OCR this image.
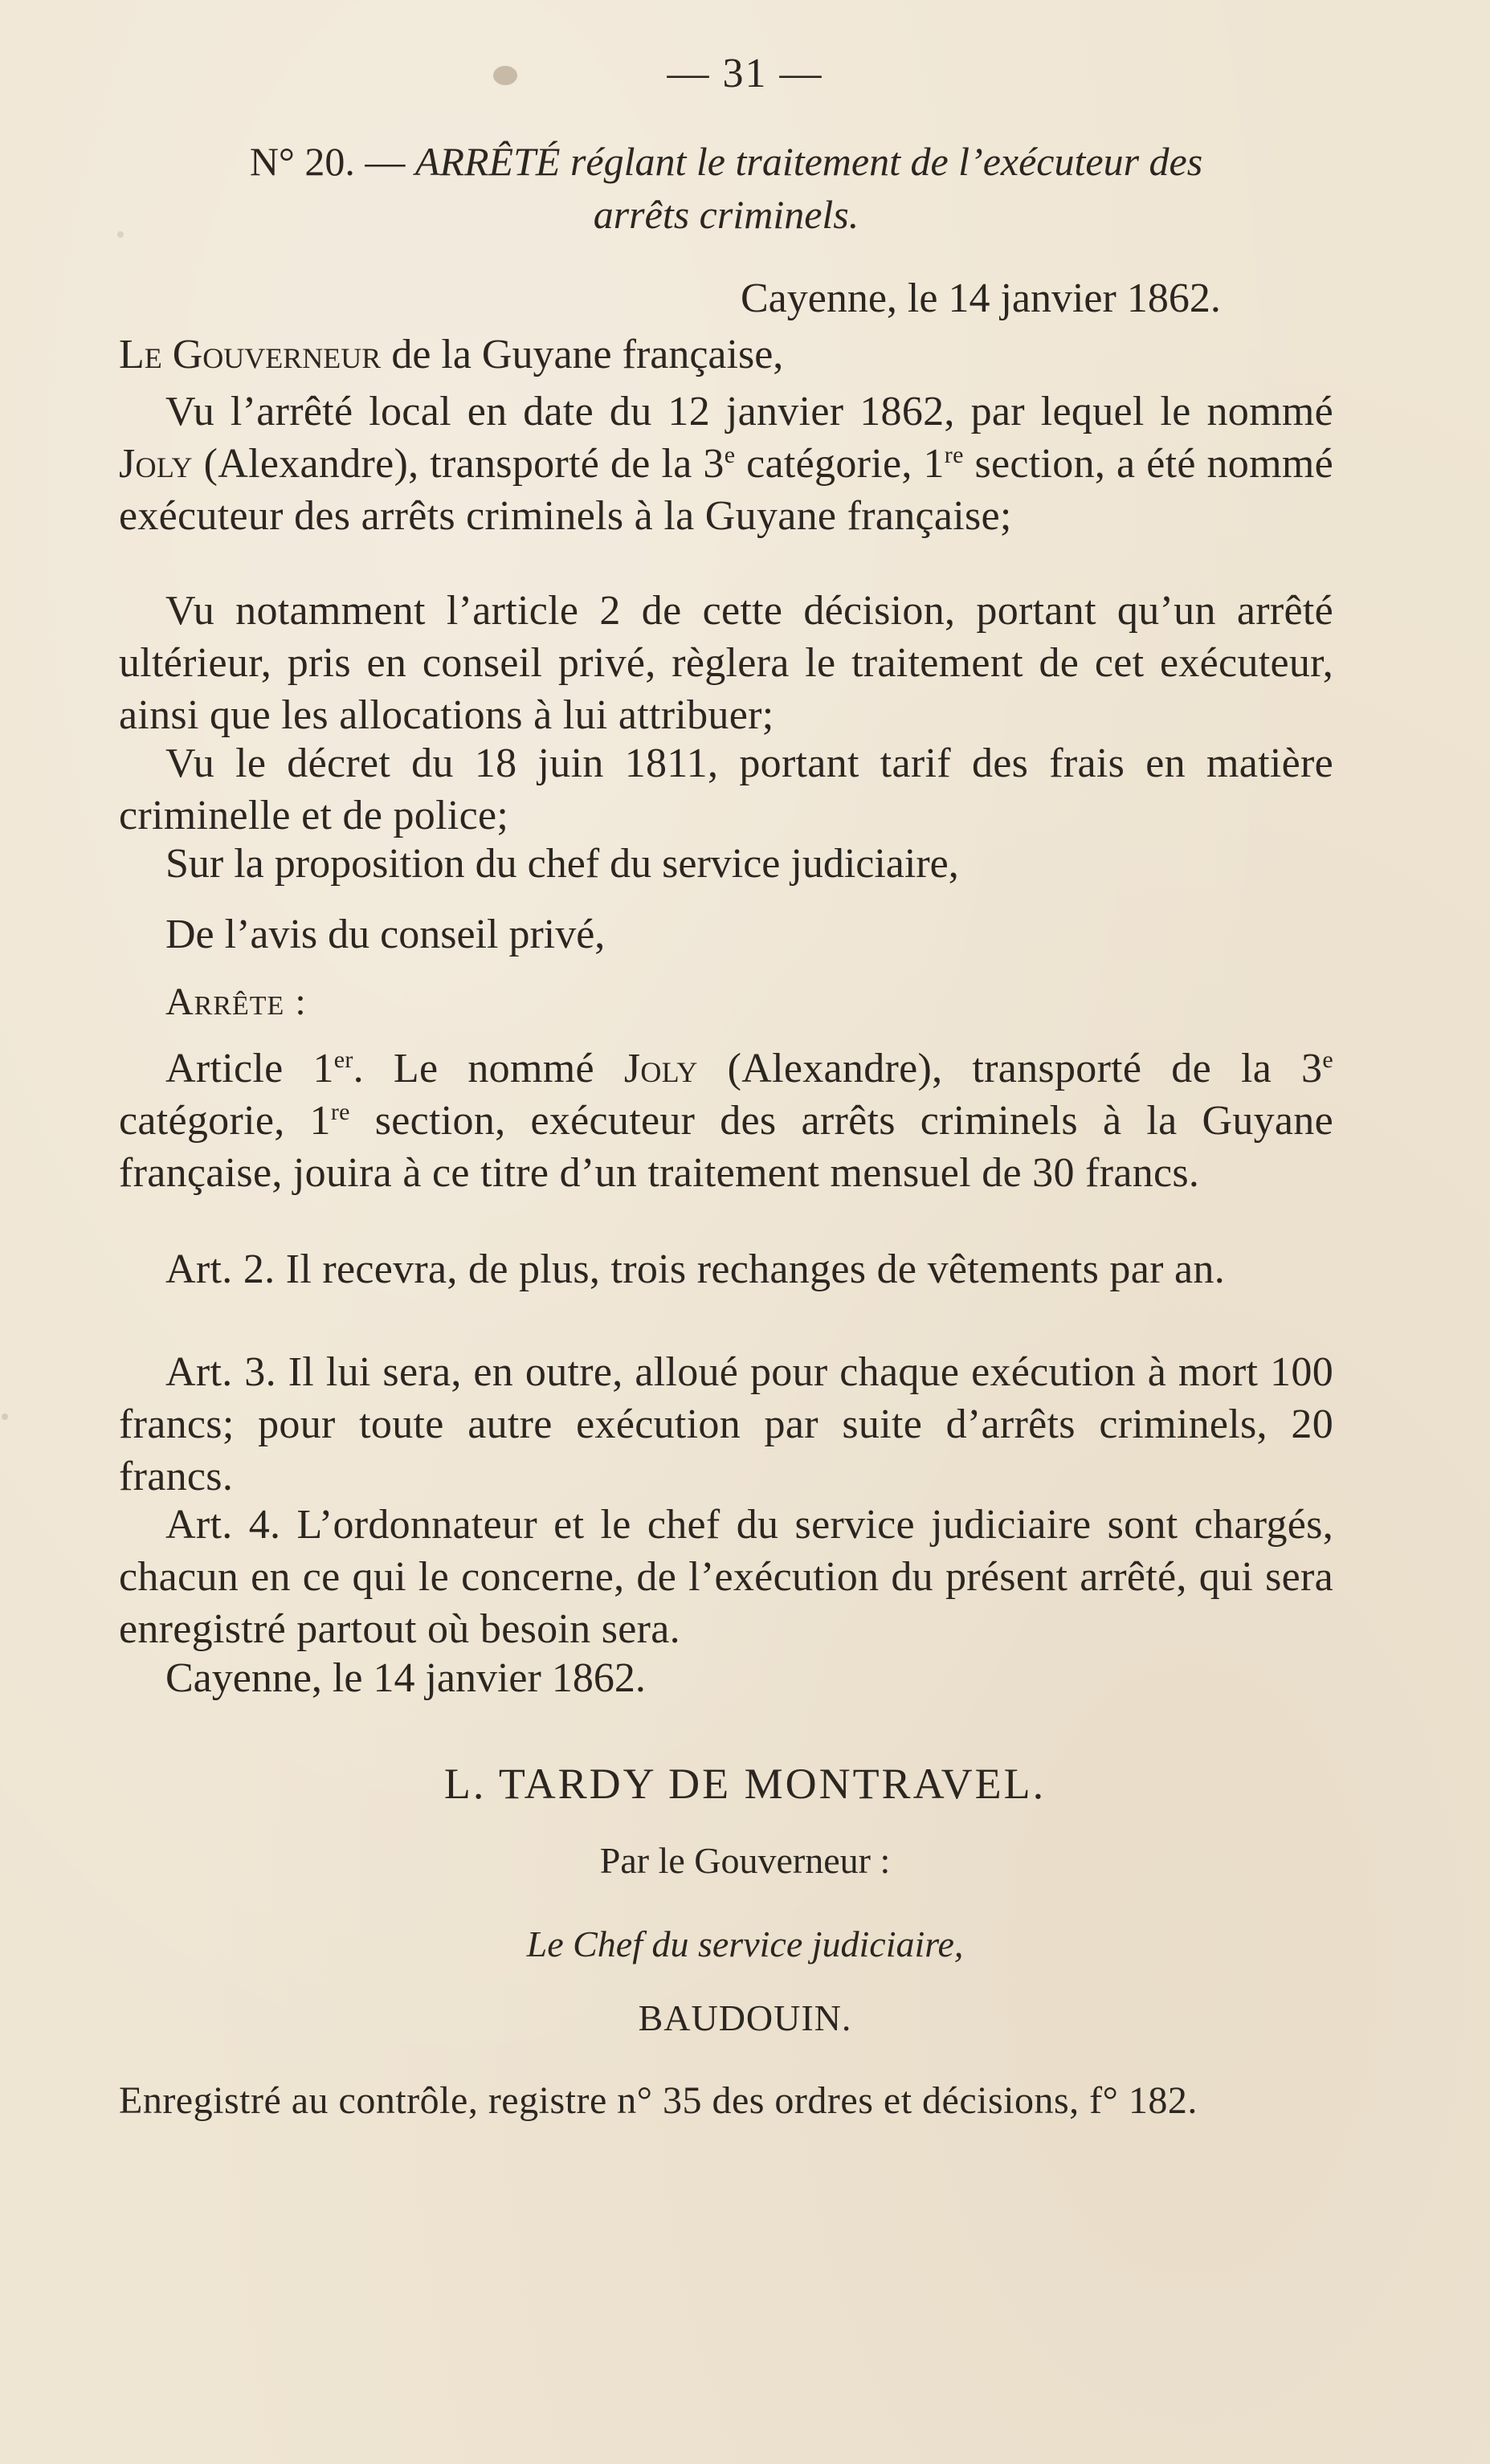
— 31 —
N° 20. — ARRÊTÉ réglant le traitement de l’exécuteur des
arrêts criminels.
Cayenne, le 14 janvier 1862.
Le Gouverneur de la Guyane française,
Vu l’arrêté local en date du 12 janvier 1862, par lequel le nommé Joly (Alexandre), transporté de la 3e catégorie, 1re section, a été nommé exécuteur des arrêts criminels à la Guyane française;
Vu notamment l’article 2 de cette décision, portant qu’un arrêté ultérieur, pris en conseil privé, règlera le traitement de cet exécuteur, ainsi que les allocations à lui attribuer;
Vu le décret du 18 juin 1811, portant tarif des frais en matière criminelle et de police;
Sur la proposition du chef du service judiciaire,
De l’avis du conseil privé,
Arrête :
Article 1er. Le nommé Joly (Alexandre), transporté de la 3e catégorie, 1re section, exécuteur des arrêts criminels à la Guyane française, jouira à ce titre d’un traitement mensuel de 30 francs.
Art. 2. Il recevra, de plus, trois rechanges de vêtements par an.
Art. 3. Il lui sera, en outre, alloué pour chaque exécution à mort 100 francs; pour toute autre exécution par suite d’arrêts criminels, 20 francs.
Art. 4. L’ordonnateur et le chef du service judiciaire sont chargés, chacun en ce qui le concerne, de l’exécution du présent arrêté, qui sera enregistré partout où besoin sera.
Cayenne, le 14 janvier 1862.
L. TARDY DE MONTRAVEL.
Par le Gouverneur :
Le Chef du service judiciaire,
BAUDOUIN.
Enregistré au contrôle, registre n° 35 des ordres et décisions, f° 182.
